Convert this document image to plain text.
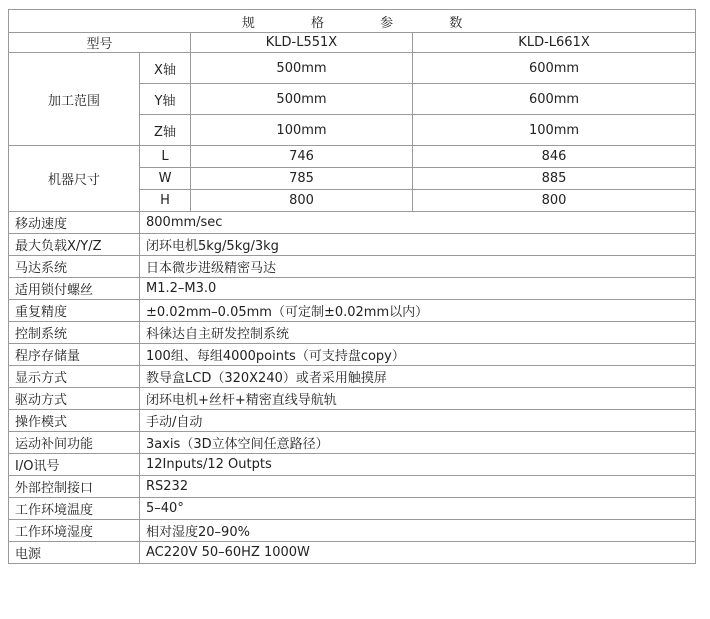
规 格 参 数			
型号		KLD-L551X	KLD-L661X
加工范围	X轴	500mm	600mm
	Y轴	500mm	600mm
	Z轴	100mm	100mm
机器尺寸	L	746	846
	W	785	885
	H	800	800
移动速度	800mm/sec		
最大负载X/Y/Z	闭环电机5kg/5kg/3kg		
马达系统	日本微步进级精密马达		
适用锁付螺丝	M1.2–M3.0		
重复精度	±0.02mm–0.05mm（可定制±0.02mm以内）		
控制系统	科徕达自主研发控制系统		
程序存储量	100组、每组4000points（可支持盘copy）		
显示方式	教导盒LCD（320X240）或者采用触摸屏		
驱动方式	闭环电机+丝杆+精密直线导航轨		
操作模式	手动/自动		
运动补间功能	3axis（3D立体空间任意路径）		
I/O讯号	12Inputs/12 Outpts		
外部控制接口	RS232		
工作环境温度	5–40°		
工作环境湿度	相对湿度20–90%		
电源	AC220V 50–60HZ 1000W		
